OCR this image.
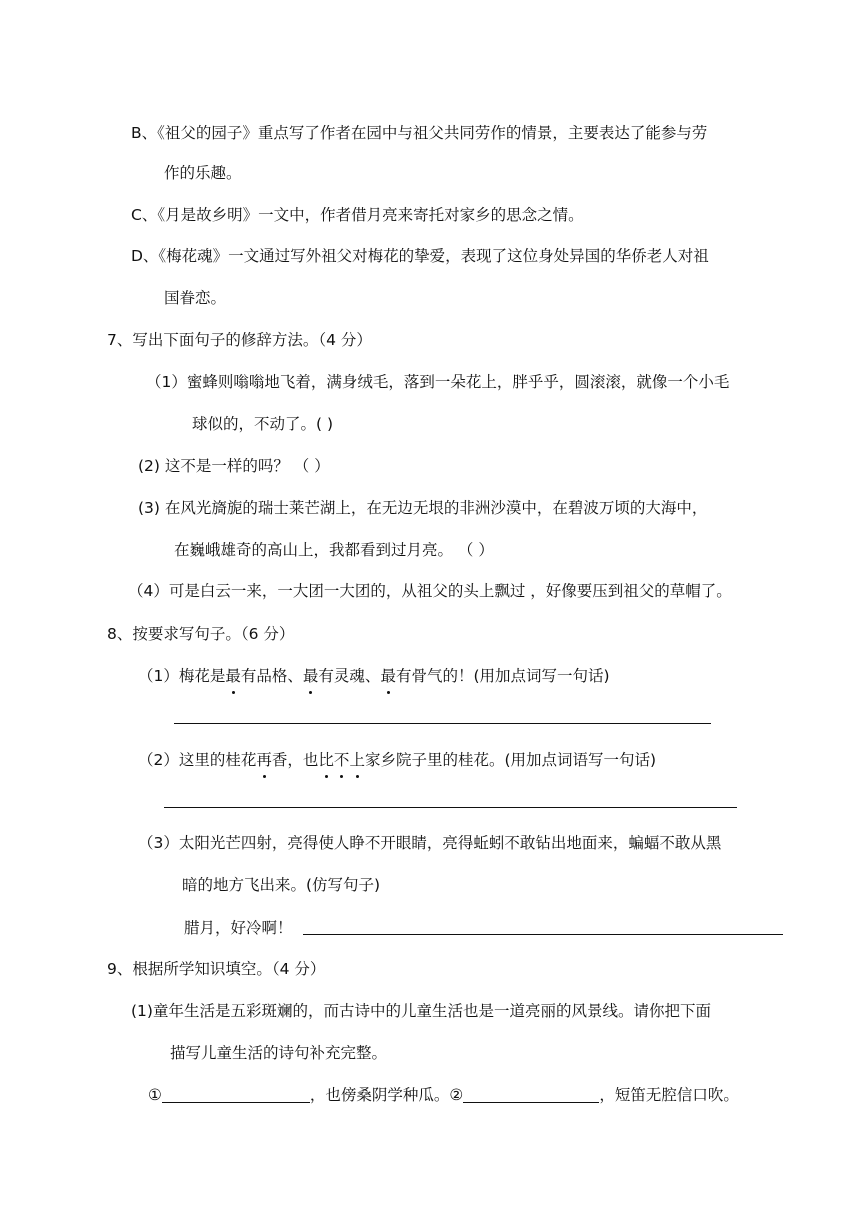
B、《祖父的园子》重点写了作者在园中与祖父共同劳作的情景，主要表达了能参与劳
作的乐趣。
C、《月是故乡明》一文中，作者借月亮来寄托对家乡的思念之情。
D、《梅花魂》一文通过写外祖父对梅花的挚爱，表现了这位身处异国的华侨老人对祖
国眷恋。
7、写出下面句子的修辞方法。（4 分）
（1）蜜蜂则嗡嗡地飞着，满身绒毛，落到一朵花上，胖乎乎，圆滚滚，就像一个小毛
球似的，不动了。( )
(2) 这不是一样的吗？ （ ）
(3) 在风光旖旎的瑞士莱芒湖上，在无边无垠的非洲沙漠中，在碧波万顷的大海中，
在巍峨雄奇的高山上，我都看到过月亮。 （ ）
（4）可是白云一来，一大团一大团的，从祖父的头上飘过 ，好像要压到祖父的草帽了。
8、按要求写句子。（6 分）
（1）梅花是最有品格、最有灵魂、最有骨气的！(用加点词写一句话)
（2）这里的桂花再香，也比不上家乡院子里的桂花。(用加点词语写一句话)
（3）太阳光芒四射，亮得使人睁不开眼睛，亮得蚯蚓不敢钻出地面来，蝙蝠不敢从黑
暗的地方飞出来。(仿写句子)
腊月，好冷啊！
9、根据所学知识填空。（4 分）
(1)童年生活是五彩斑斓的，而古诗中的儿童生活也是一道亮丽的风景线。请你把下面
描写儿童生活的诗句补充完整。
①	，也傍桑阴学种瓜。②	，短笛无腔信口吹。
